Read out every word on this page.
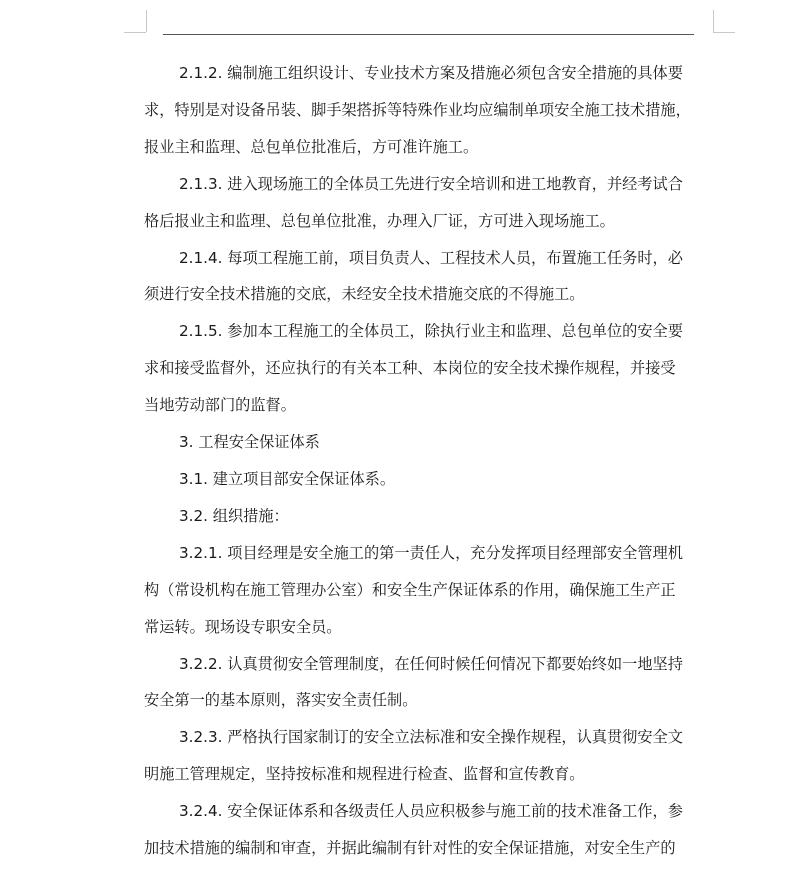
2.1.2. 编制施工组织设计、专业技术方案及措施必须包含安全措施的具体要
求，特别是对设备吊装、脚手架搭拆等特殊作业均应编制单项安全施工技术措施，
报业主和监理、总包单位批准后，方可准许施工。
2.1.3. 进入现场施工的全体员工先进行安全培训和进工地教育，并经考试合
格后报业主和监理、总包单位批准，办理入厂证，方可进入现场施工。
2.1.4. 每项工程施工前，项目负责人、工程技术人员，布置施工任务时，必
须进行安全技术措施的交底，未经安全技术措施交底的不得施工。
2.1.5. 参加本工程施工的全体员工，除执行业主和监理、总包单位的安全要
求和接受监督外，还应执行的有关本工种、本岗位的安全技术操作规程，并接受
当地劳动部门的监督。
3. 工程安全保证体系
3.1. 建立项目部安全保证体系。
3.2. 组织措施：
3.2.1. 项目经理是安全施工的第一责任人，充分发挥项目经理部安全管理机
构（常设机构在施工管理办公室）和安全生产保证体系的作用，确保施工生产正
常运转。现场设专职安全员。
3.2.2. 认真贯彻安全管理制度，在任何时候任何情况下都要始终如一地坚持
安全第一的基本原则，落实安全责任制。
3.2.3. 严格执行国家制订的安全立法标准和安全操作规程，认真贯彻安全文
明施工管理规定，坚持按标准和规程进行检查、监督和宣传教育。
3.2.4. 安全保证体系和各级责任人员应积极参与施工前的技术准备工作，参
加技术措施的编制和审查，并据此编制有针对性的安全保证措施，对安全生产的
